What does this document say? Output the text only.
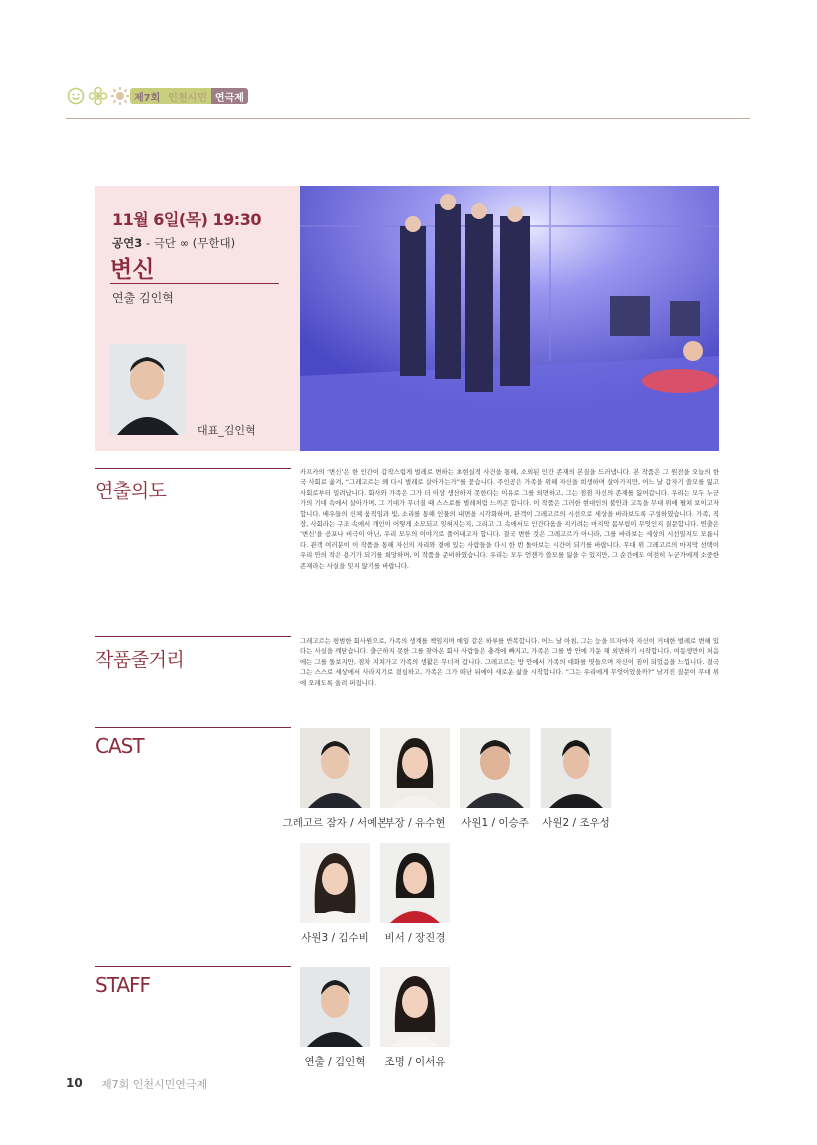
제7회 인천시민 연극제
11월 6일(목) 19:30
공연3 - 극단 ∞ (무한대)
변신
연출 김인혁
대표_김인혁
연출의도
카프카의 ‘변신’은 한 인간이 갑작스럽게 벌레로 변하는 초현실적 사건을 통해, 소외된 인간 존재의 본질을 드러냅니다. 본 작품은 그 원전을 오늘의 한국 사회로 옮겨, “그레고르는 왜 다시 벌레로 살아가는가”를 묻습니다. 주인공은 가족을 위해 자신을 희생하며 살아가지만, 어느 날 갑자기 쓸모를 잃고 사회로부터 밀려납니다. 회사와 가족은 그가 더 이상 생산하지 못한다는 이유로 그를 외면하고, 그는 점점 자신의 존재를 잃어갑니다. 우리는 모두 누군가의 기대 속에서 살아가며, 그 기대가 무너질 때 스스로를 벌레처럼 느끼곤 합니다. 이 작품은 그러한 현대인의 불안과 고독을 무대 위에 펼쳐 보이고자 합니다. 배우들의 신체 움직임과 빛, 소리를 통해 인물의 내면을 시각화하며, 관객이 그레고르의 시선으로 세상을 바라보도록 구성하였습니다. 가족, 직장, 사회라는 구조 속에서 개인이 어떻게 소모되고 잊혀지는지, 그리고 그 속에서도 인간다움을 지키려는 마지막 몸부림이 무엇인지 질문합니다. 연출은 ‘변신’을 공포나 비극이 아닌, 우리 모두의 이야기로 풀어내고자 합니다. 결국 변한 것은 그레고르가 아니라, 그를 바라보는 세상의 시선일지도 모릅니다. 관객 여러분이 이 작품을 통해 자신의 자리와 곁에 있는 사람들을 다시 한 번 돌아보는 시간이 되기를 바랍니다. 무대 위 그레고르의 마지막 선택이 우리 안의 작은 용기가 되기를 희망하며, 이 작품을 준비하였습니다. 우리는 모두 언젠가 쓸모를 잃을 수 있지만, 그 순간에도 여전히 누군가에게 소중한 존재라는 사실을 잊지 않기를 바랍니다.
작품줄거리
그레고르는 평범한 회사원으로, 가족의 생계를 책임지며 매일 같은 하루를 반복합니다. 어느 날 아침, 그는 눈을 뜨자마자 자신이 거대한 벌레로 변해 있다는 사실을 깨닫습니다. 출근하지 못한 그를 찾아온 회사 사람들은 충격에 빠지고, 가족은 그를 방 안에 가둔 채 외면하기 시작합니다. 여동생만이 처음에는 그를 돌보지만, 점차 지쳐가고 가족의 생활은 무너져 갑니다. 그레고르는 방 안에서 가족의 대화를 엿들으며 자신이 짐이 되었음을 느낍니다. 결국 그는 스스로 세상에서 사라지기로 결심하고, 가족은 그가 떠난 뒤에야 새로운 삶을 시작합니다. “그는 우리에게 무엇이었을까?” 남겨진 질문이 무대 위에 오래도록 울려 퍼집니다.
CAST
그레고르 잠자 / 서예본
부장 / 유수현	사원1 / 이승주	사원2 / 조우성
사원3 / 김수비	비서 / 장진경
STAFF
연출 / 김인혁	조명 / 이서유
10 제7회 인천시민연극제
